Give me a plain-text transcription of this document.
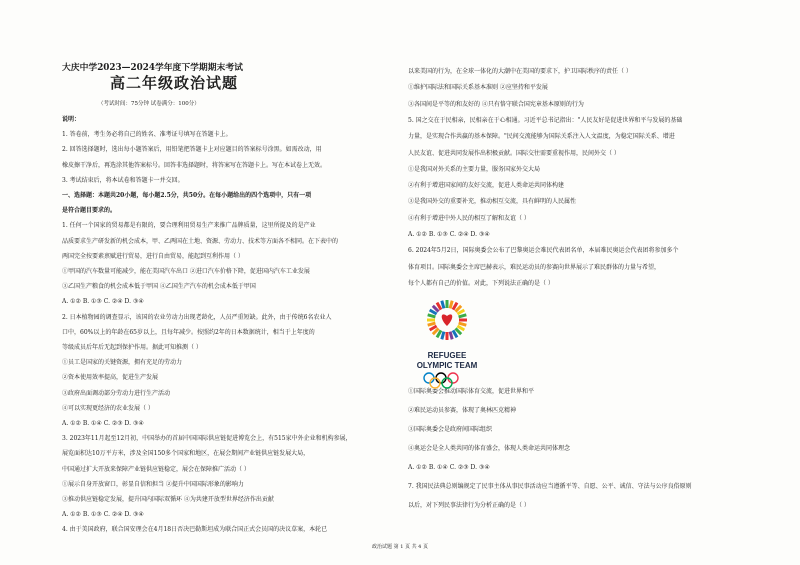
大庆中学2023—2024学年度下学期期末考试
高二年级政治试题
（考试时间：75分钟 试卷满分：100分）
说明：
1. 答卷前，考生务必将自己的姓名、准考证号填写在答题卡上。
2. 回答选择题时，选出每小题答案后，用铅笔把答题卡上对应题目的答案标号涂黑。如需改动，用
橡皮擦干净后，再选涂其他答案标号。回答非选择题时，将答案写在答题卡上。写在本试卷上无效。
3. 考试结束后，将本试卷和答题卡一并交回。
一、选择题：本题共20小题，每小题2.5分，共50分。在每小题给出的四个选项中，只有一项
是符合题目要求的。
1. 任何一个国家的贸易都是有限的，要合理利用贸易生产来推广品牌质量，这里所提及的是产业
品质要求生产研发新的机会成本，甲、乙两国在土地、资源、劳动力、技术等方面各不相同。在下表中的
两国完全按要素禀赋进行贸易，进行自由贸易，能起到互利作用（ ）
①甲国的汽车数量可能减少，能在美国汽车出口 ②进口汽车价格下降，促进国内汽车工业发展
③乙国生产粮食的机会成本低于甲国 ④乙国生产汽车的机会成本低于甲国
A. ①② B. ①③ C. ②④ D. ③④
2. 日本植物园的调查显示，该国的农业劳动力出现老龄化，人员严重短缺。此外，由于传统6名农业人
口中，60%以上的年龄在65岁以上，且每年减少。按照约2年的日本数据统计，相当于上年度的
等级成员后年后无起到保护作用。据此可知推测（ ）
①员工是国家的关键资源，拥有充足的劳动力
②资本使用效率提高，促进生产发展
③政府出面调动部分劳动力进行生产活动
④可以实现更经济的农业发展（ ）
A. ①② B. ①④ C. ②③ D. ③④
3. 2023年11月起至12月初，中国举办的首届中国国际供应链促进博览会上，有515家中外企业和机构参展，
展览面积达10万平方米，涉及全国150多个国家和地区，在展会期间产业链供应链发展大局，
中国通过扩大开放来保障产业链供应链稳定，展会在保障推广活动（ ）
①展示自身开放窗口，彰显自信和担当 ②提升中国国际形象的影响力
③推动供应链稳定发展，提升国内国际双循环 ④为共建开放型世界经济作出贡献
A. ①② B. ①③ C. ②④ D. ③④
4. 由于美国政府，联合国安理会在4月18日否决巴勒斯坦成为联合国正式会员国的决议草案，本轮已
以来美国的行为，在全球一体化的大潮中在美国的要求下，护卫国际秩序的责任（ ）
①维护国际法和国际关系基本准则 ②应坚持和平发展
③各国间是平等的和友好的 ④只有恪守联合国宪章基本原则的行为
5. 国之交在于民相亲，民相亲在于心相通。习近平总书记指出："人民友好是促进世界和平与发展的基础
力量，是实现合作共赢的基本保障。"民间交流能够为国际关系注入人文温度，为稳定国际关系、增进
人民友谊、促进共同发展作出积极贡献。国际交往需要重视作用，民间外交（ ）
①是我国对外关系的主要力量，服务国家外交大局
②有利于增进国家间的友好交流，促进人类命运共同体构建
③是我国外交的重要补充，推动相互交流，具有鲜明的人民属性
④有利于增进中外人民的相互了解和友谊（ ）
A. ①② B. ①③ C. ②④ D. ③④
6. 2024年5月2日，国际奥委会公布了巴黎奥运会难民代表团名单，本届难民奥运会代表团将参加多个
体育项目。国际奥委会主席巴赫表示，难民运动员的参赛向世界展示了难民群体的力量与希望，
每个人都有自己的价值。对此，下列说法正确的是（ ）
①国际奥委会推动国际体育交流，促进世界和平
②难民运动员参赛，体现了奥林匹克精神
③国际奥委会是政府间国际组织
④奥运会是全人类共同的体育盛会，体现人类命运共同体理念
A. ①② B. ①④ C. ②③ D. ③④
7. 我国民法典总则编规定了民事主体从事民事活动应当遵循平等、自愿、公平、诚信、守法与公序良俗原则
以后，对下列民事法律行为分析正确的是（ ）
REFUGEE
OLYMPIC TEAM
政治试题 第 1 页 共 4 页
